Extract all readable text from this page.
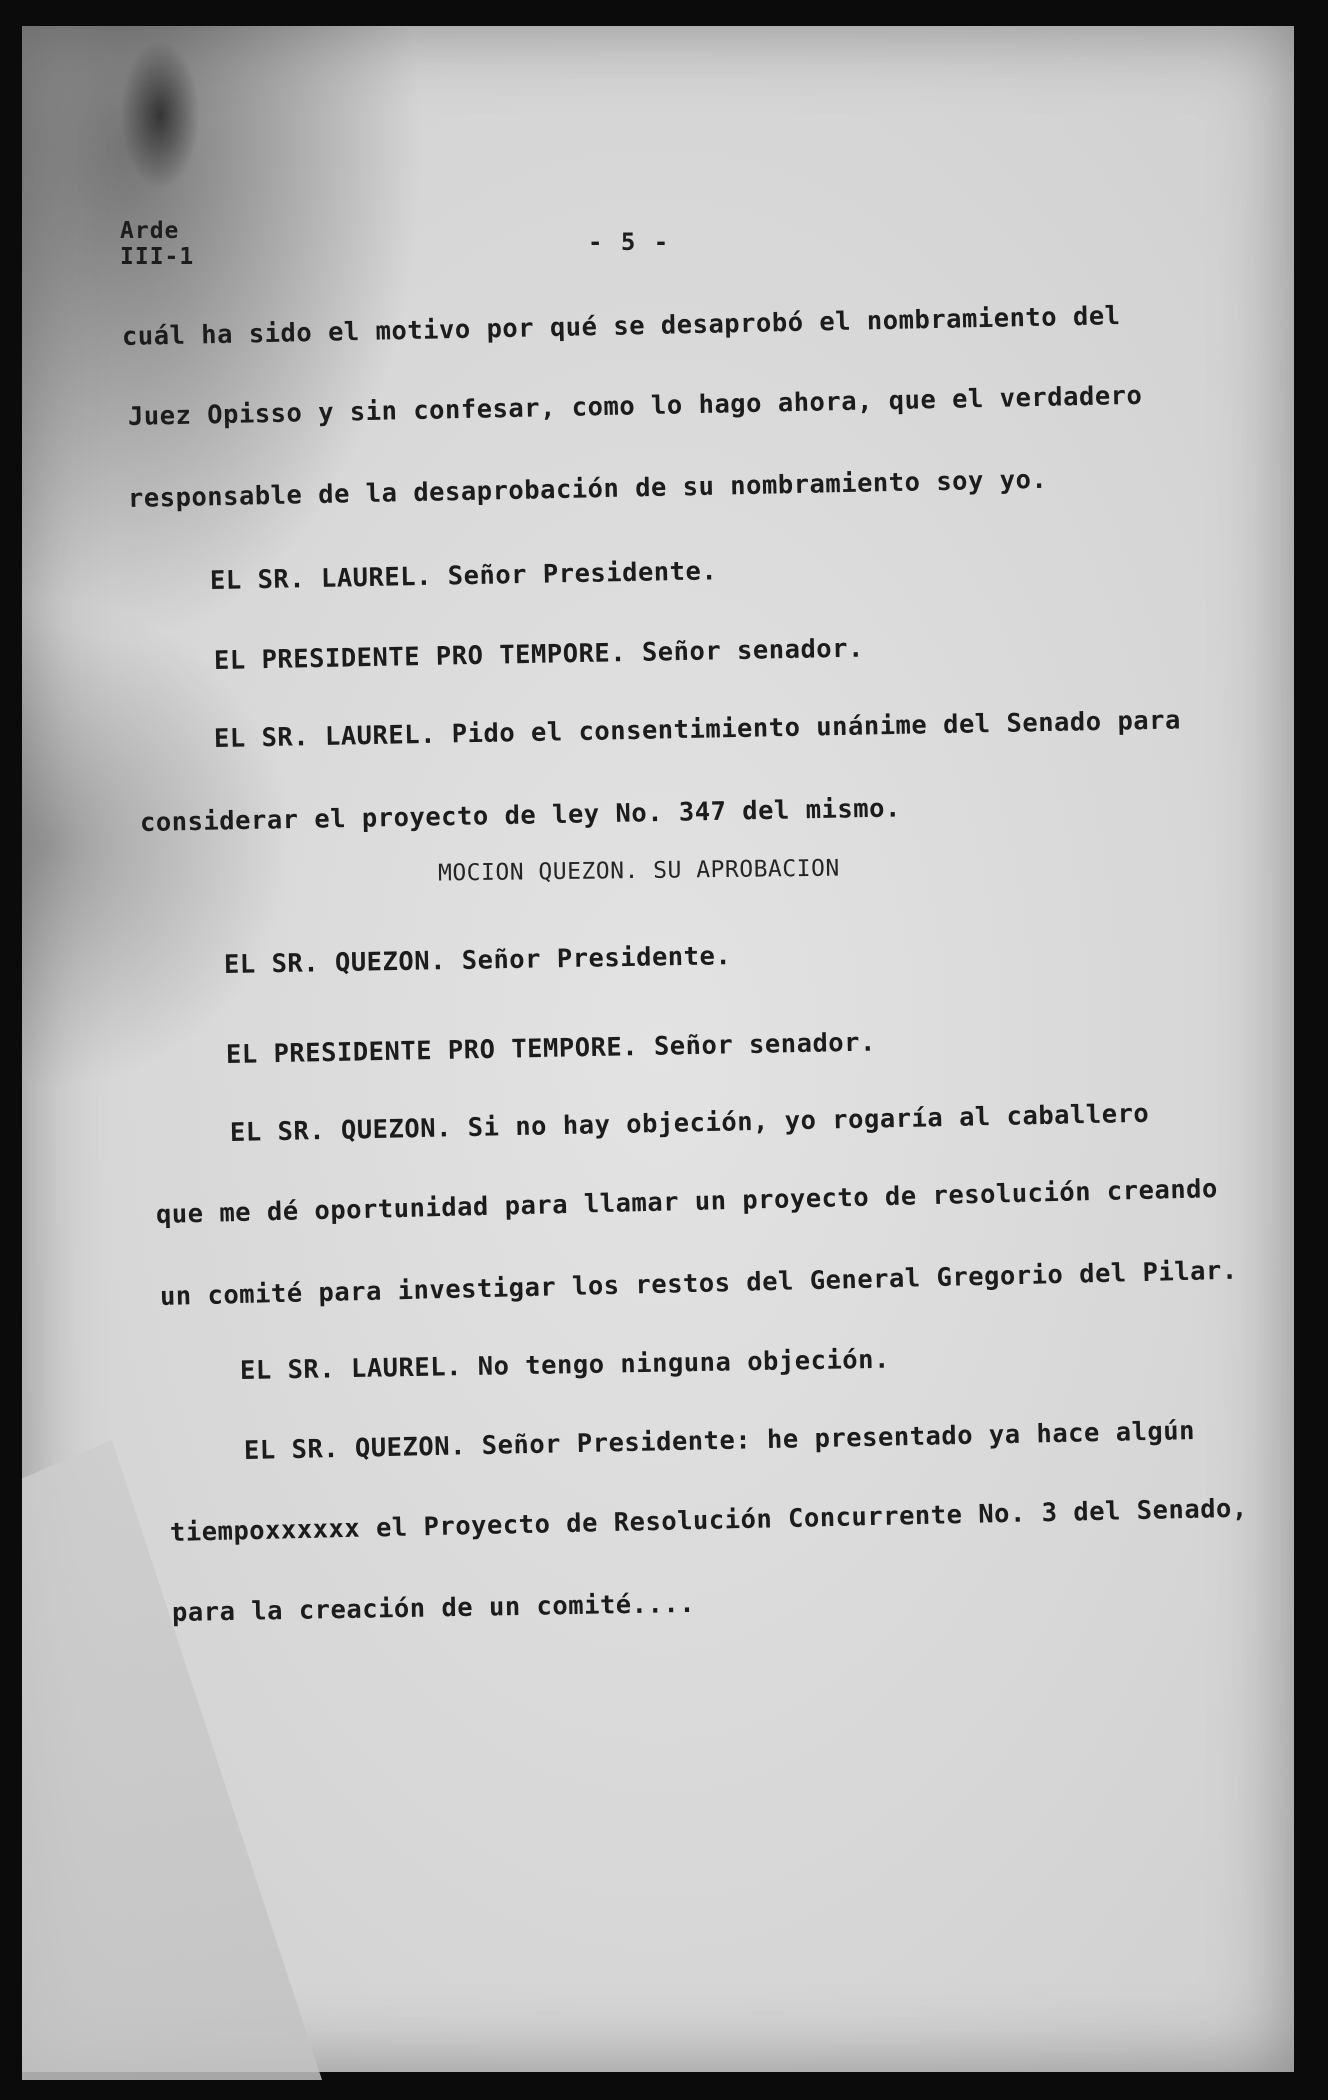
Arde
III-1
- 5 -
cuál ha sido el motivo por qué se desaprobó el nombramiento del
Juez Opisso y sin confesar, como lo hago ahora, que el verdadero
responsable de la desaprobación de su nombramiento soy yo.
EL SR. LAUREL. Señor Presidente.
EL PRESIDENTE PRO TEMPORE. Señor senador.
EL SR. LAUREL. Pido el consentimiento unánime del Senado para
considerar el proyecto de ley No. 347 del mismo.
MOCION QUEZON. SU APROBACION
EL SR. QUEZON. Señor Presidente.
EL PRESIDENTE PRO TEMPORE. Señor senador.
EL SR. QUEZON. Si no hay objeción, yo rogaría al caballero
que me dé oportunidad para llamar un proyecto de resolución creando
un comité para investigar los restos del General Gregorio del Pilar.
EL SR. LAUREL. No tengo ninguna objeción.
EL SR. QUEZON. Señor Presidente: he presentado ya hace algún
tiempoxxxxxx el Proyecto de Resolución Concurrente No. 3 del Senado,
para la creación de un comité....
